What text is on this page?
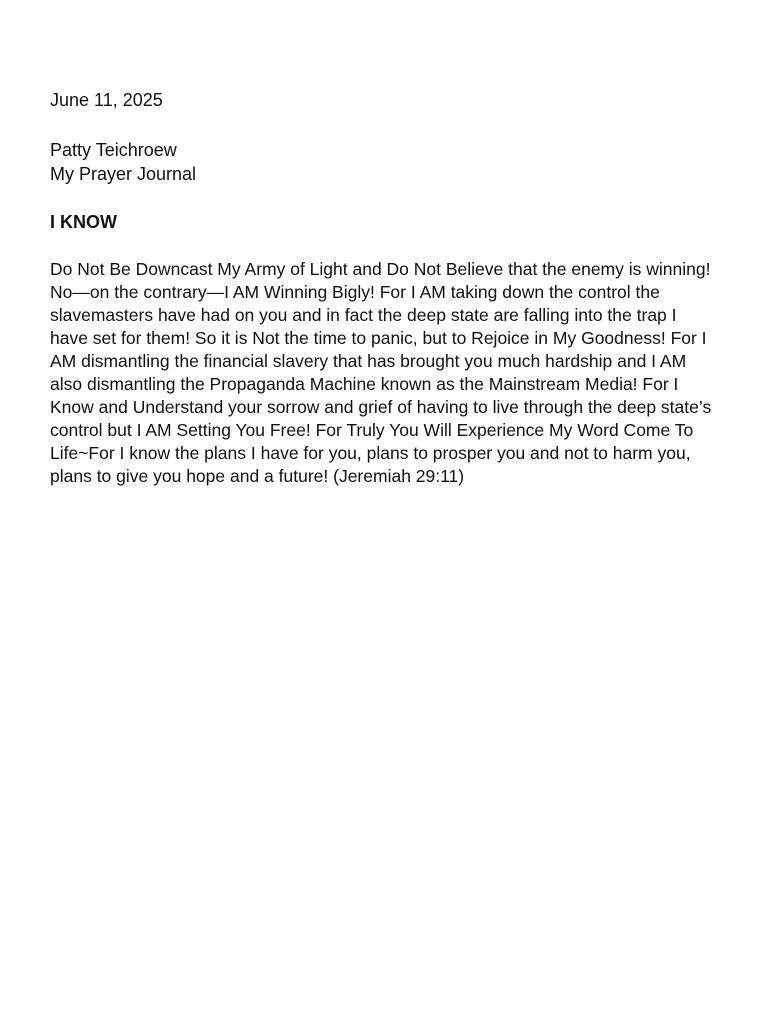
June 11, 2025

Patty Teichroew
My Prayer Journal
I KNOW

Do Not Be Downcast My Army of Light and Do Not Believe that the enemy is winning! No—on the contrary—I AM Winning Bigly! For I AM taking down the control the slavemasters have had on you and in fact the deep state are falling into the trap I have set for them! So it is Not the time to panic, but to Rejoice in My Goodness! For I AM dismantling the financial slavery that has brought you much hardship and I AM also dismantling the Propaganda Machine known as the Mainstream Media! For I Know and Understand your sorrow and grief of having to live through the deep state’s control but I AM Setting You Free! For Truly You Will Experience My Word Come To Life~For I know the plans I have for you, plans to prosper you and not to harm you, plans to give you hope and a future! (Jeremiah 29:11)
